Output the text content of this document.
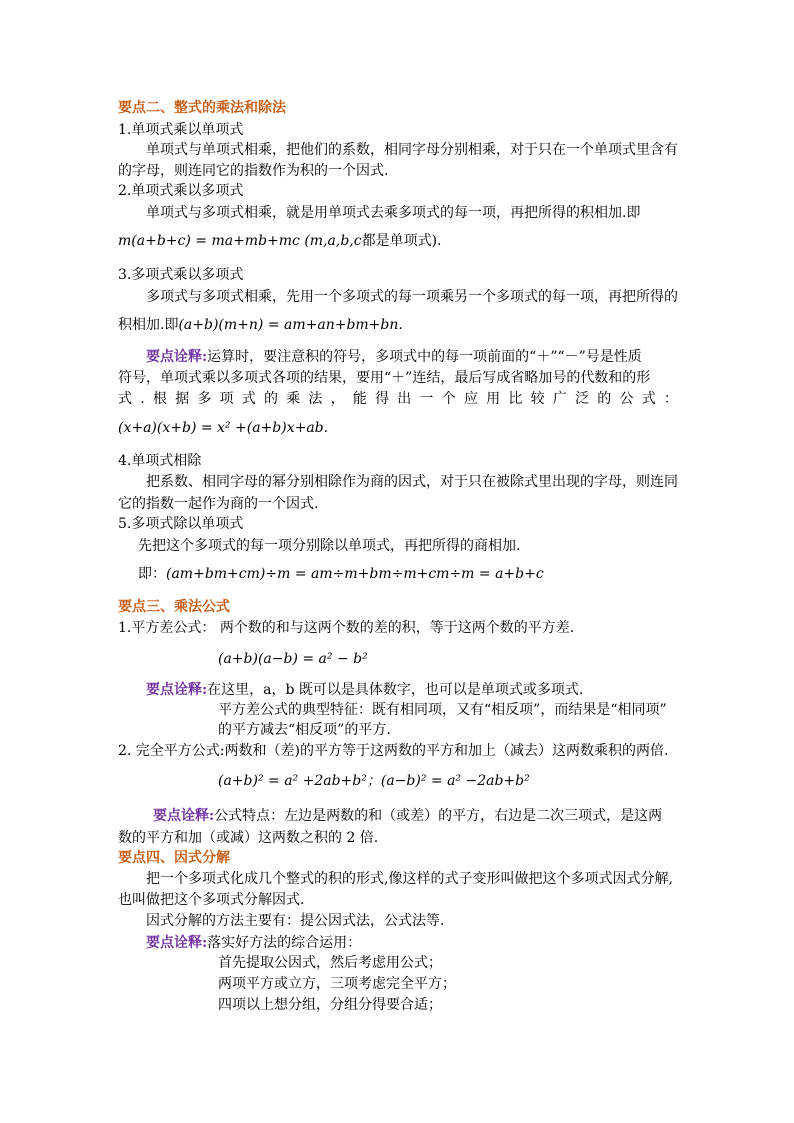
要点二、整式的乘法和除法
1.单项式乘以单项式
单项式与单项式相乘，把他们的系数，相同字母分别相乘，对于只在一个单项式里含有
的字母，则连同它的指数作为积的一个因式.
2.单项式乘以多项式
单项式与多项式相乘，就是用单项式去乘多项式的每一项，再把所得的积相加.即
m(a+b+c) = ma+mb+mc (m,a,b,c都是单项式).
3.多项式乘以多项式
多项式与多项式相乘，先用一个多项式的每一项乘另一个多项式的每一项，再把所得的
积相加.即(a+b)(m+n) = am+an+bm+bn.
要点诠释:运算时，要注意积的符号，多项式中的每一项前面的“＋”“－”号是性质
符号，单项式乘以多项式各项的结果，要用“＋”连结，最后写成省略加号的代数和的形
式 . 根 据 多 项 式 的 乘 法 ， 能 得 出 一 个 应 用 比 较 广 泛 的 公 式 ：
(x+a)(x+b) = x² +(a+b)x+ab.
4.单项式相除
把系数、相同字母的幂分别相除作为商的因式，对于只在被除式里出现的字母，则连同
它的指数一起作为商的一个因式.
5.多项式除以单项式
先把这个多项式的每一项分别除以单项式，再把所得的商相加.
即：(am+bm+cm)÷m = am÷m+bm÷m+cm÷m = a+b+c
要点三、乘法公式
1.平方差公式： 两个数的和与这两个数的差的积，等于这两个数的平方差.
(a+b)(a−b) = a² − b²
要点诠释:在这里，a，b 既可以是具体数字，也可以是单项式或多项式.
平方差公式的典型特征：既有相同项，又有“相反项”，而结果是“相同项”
的平方减去“相反项”的平方.
2. 完全平方公式:两数和（差)的平方等于这两数的平方和加上（减去）这两数乘积的两倍.
(a+b)² = a² +2ab+b²；(a−b)² = a² −2ab+b²
要点诠释:公式特点：左边是两数的和（或差）的平方，右边是二次三项式，是这两
数的平方和加（或减）这两数之积的 2 倍.
要点四、因式分解
把一个多项式化成几个整式的积的形式,像这样的式子变形叫做把这个多项式因式分解,
也叫做把这个多项式分解因式.
因式分解的方法主要有：提公因式法，公式法等.
要点诠释:落实好方法的综合运用：
首先提取公因式，然后考虑用公式；
两项平方或立方，三项考虑完全平方；
四项以上想分组，分组分得要合适；
